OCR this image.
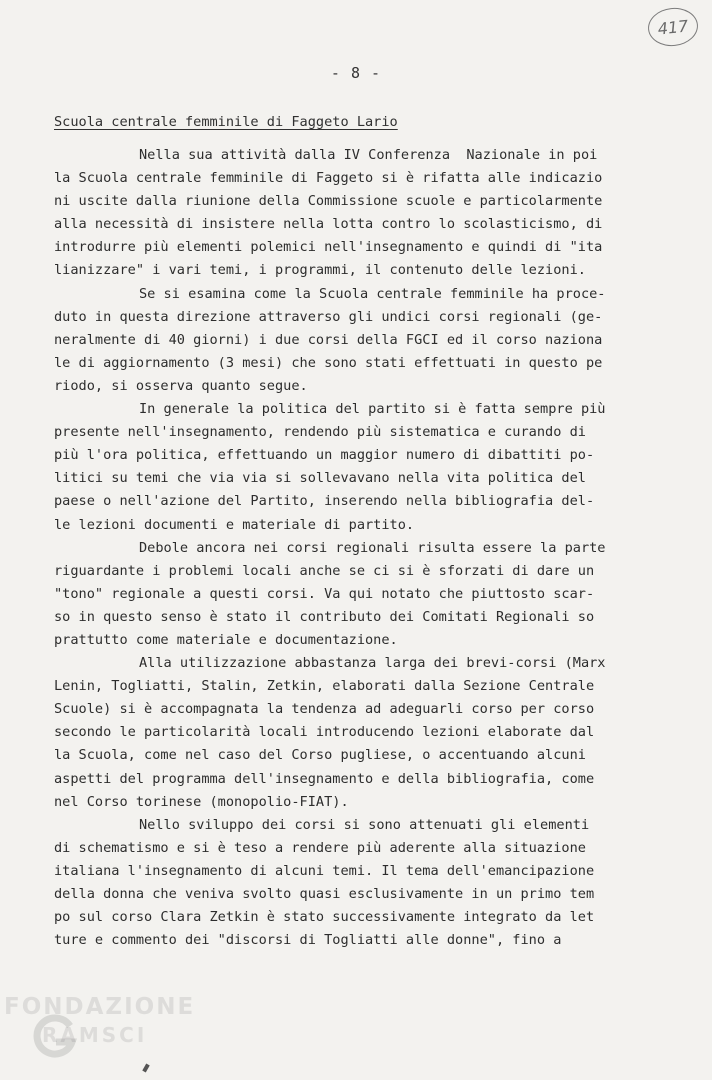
417
- 8 -
Scuola centrale femminile di Faggeto Lario
Nella sua attività dalla IV Conferenza  Nazionale in poi
la Scuola centrale femminile di Faggeto si è rifatta alle indicazio
ni uscite dalla riunione della Commissione scuole e particolarmente
alla necessità di insistere nella lotta contro lo scolasticismo, di
introdurre più elementi polemici nell'insegnamento e quindi di "ita
lianizzare" i vari temi, i programmi, il contenuto delle lezioni.
Se si esamina come la Scuola centrale femminile ha proce-
duto in questa direzione attraverso gli undici corsi regionali (ge-
neralmente di 40 giorni) i due corsi della FGCI ed il corso naziona
le di aggiornamento (3 mesi) che sono stati effettuati in questo pe
riodo, si osserva quanto segue.
In generale la politica del partito si è fatta sempre più
presente nell'insegnamento, rendendo più sistematica e curando di
più l'ora politica, effettuando un maggior numero di dibattiti po-
litici su temi che via via si sollevavano nella vita politica del
paese o nell'azione del Partito, inserendo nella bibliografia del-
le lezioni documenti e materiale di partito.
Debole ancora nei corsi regionali risulta essere la parte
riguardante i problemi locali anche se ci si è sforzati di dare un
"tono" regionale a questi corsi. Va qui notato che piuttosto scar-
so in questo senso è stato il contributo dei Comitati Regionali so
prattutto come materiale e documentazione.
Alla utilizzazione abbastanza larga dei brevi-corsi (Marx
Lenin, Togliatti, Stalin, Zetkin, elaborati dalla Sezione Centrale
Scuole) si è accompagnata la tendenza ad adeguarli corso per corso
secondo le particolarità locali introducendo lezioni elaborate dal
la Scuola, come nel caso del Corso pugliese, o accentuando alcuni
aspetti del programma dell'insegnamento e della bibliografia, come
nel Corso torinese (monopolio-FIAT).
Nello sviluppo dei corsi si sono attenuati gli elementi
di schematismo e si è teso a rendere più aderente alla situazione
italiana l'insegnamento di alcuni temi. Il tema dell'emancipazione
della donna che veniva svolto quasi esclusivamente in un primo tem
po sul corso Clara Zetkin è stato successivamente integrato da let
ture e commento dei "discorsi di Togliatti alle donne", fino a
FONDAZIONE
RAMSCI
